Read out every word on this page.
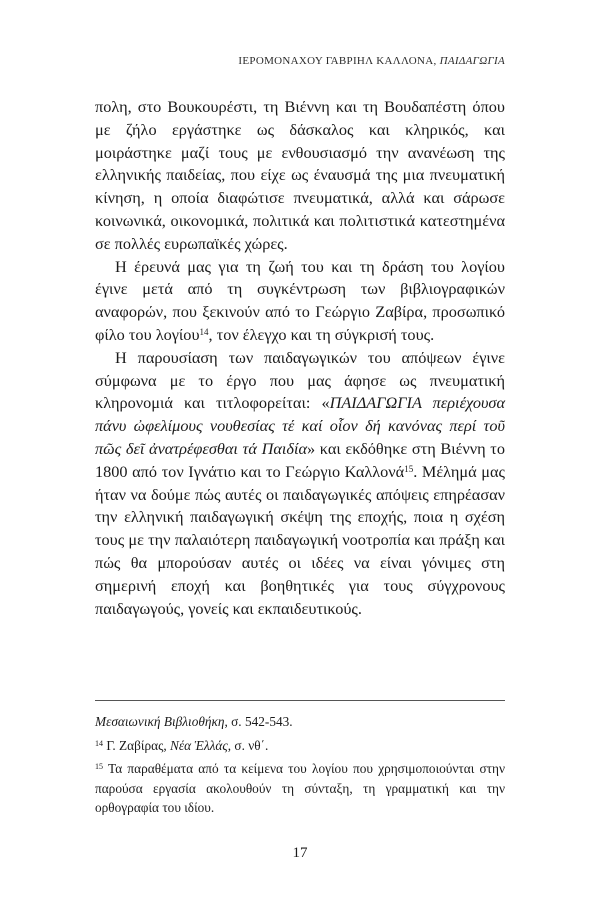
ΙΕΡΟΜΟΝΑΧΟΥ ΓΑΒΡΙΗΛ ΚΑΛΛΟΝΑ, ΠΑΙΔΑΓΩΓΙΑ

πολη, στο Βουκουρέστι, τη Βιέννη και τη Βουδαπέστη όπου με ζήλο εργάστηκε ως δάσκαλος και κληρικός, και μοιράστηκε μαζί τους με ενθουσιασμό την ανανέωση της ελληνικής παιδείας, που είχε ως έναυσμά της μια πνευματική κίνηση, η οποία διαφώτισε πνευματικά, αλλά και σάρωσε κοινωνικά, οικονομικά, πολιτικά και πολιτιστικά κατεστημένα σε πολλές ευρωπαϊκές χώρες.

Η έρευνά μας για τη ζωή του και τη δράση του λογίου έγινε μετά από τη συγκέντρωση των βιβλιογραφικών αναφορών, που ξεκινούν από το Γεώργιο Ζαβίρα, προσωπικό φίλο του λογίου$^{14}$, τον έλεγχο και τη σύγκρισή τους.

Η παρουσίαση των παιδαγωγικών του απόψεων έγινε σύμφωνα με το έργο που μας άφησε ως πνευματική κληρονομιά και τιτλοφορείται: «ΠΑΙΔΑΓΩΓΙΑ περιέχουσα πάνυ ὠφελίμους νουθεσίας τέ καί οἷον δή κανόνας περί τοῦ πῶς δεῖ ἀνατρέφεσθαι τά Παιδία» και εκδόθηκε στη Βιέννη το 1800 από τον Ιγνάτιο και το Γεώργιο Καλλονά$^{15}$. Μέλημά μας ήταν να δούμε πώς αυτές οι παιδαγωγικές απόψεις επηρέασαν την ελληνική παιδαγωγική σκέψη της εποχής, ποια η σχέση τους με την παλαιότερη παιδαγωγική νοοτροπία και πράξη και πώς θα μπορούσαν αυτές οι ιδέες να είναι γόνιμες στη σημερινή εποχή και βοηθητικές για τους σύγχρονους παιδαγωγούς, γονείς και εκπαιδευτικούς.

Μεσαιωνική Βιβλιοθήκη, σ. 542-543.

$^{14}$ Γ. Ζαβίρας, Νέα Ἑλλάς, σ. νθ΄.

$^{15}$ Τα παραθέματα από τα κείμενα του λογίου που χρησιμοποιούνται στην παρούσα εργασία ακολουθούν τη σύνταξη, τη γραμματική και την ορθογραφία του ιδίου.

17
